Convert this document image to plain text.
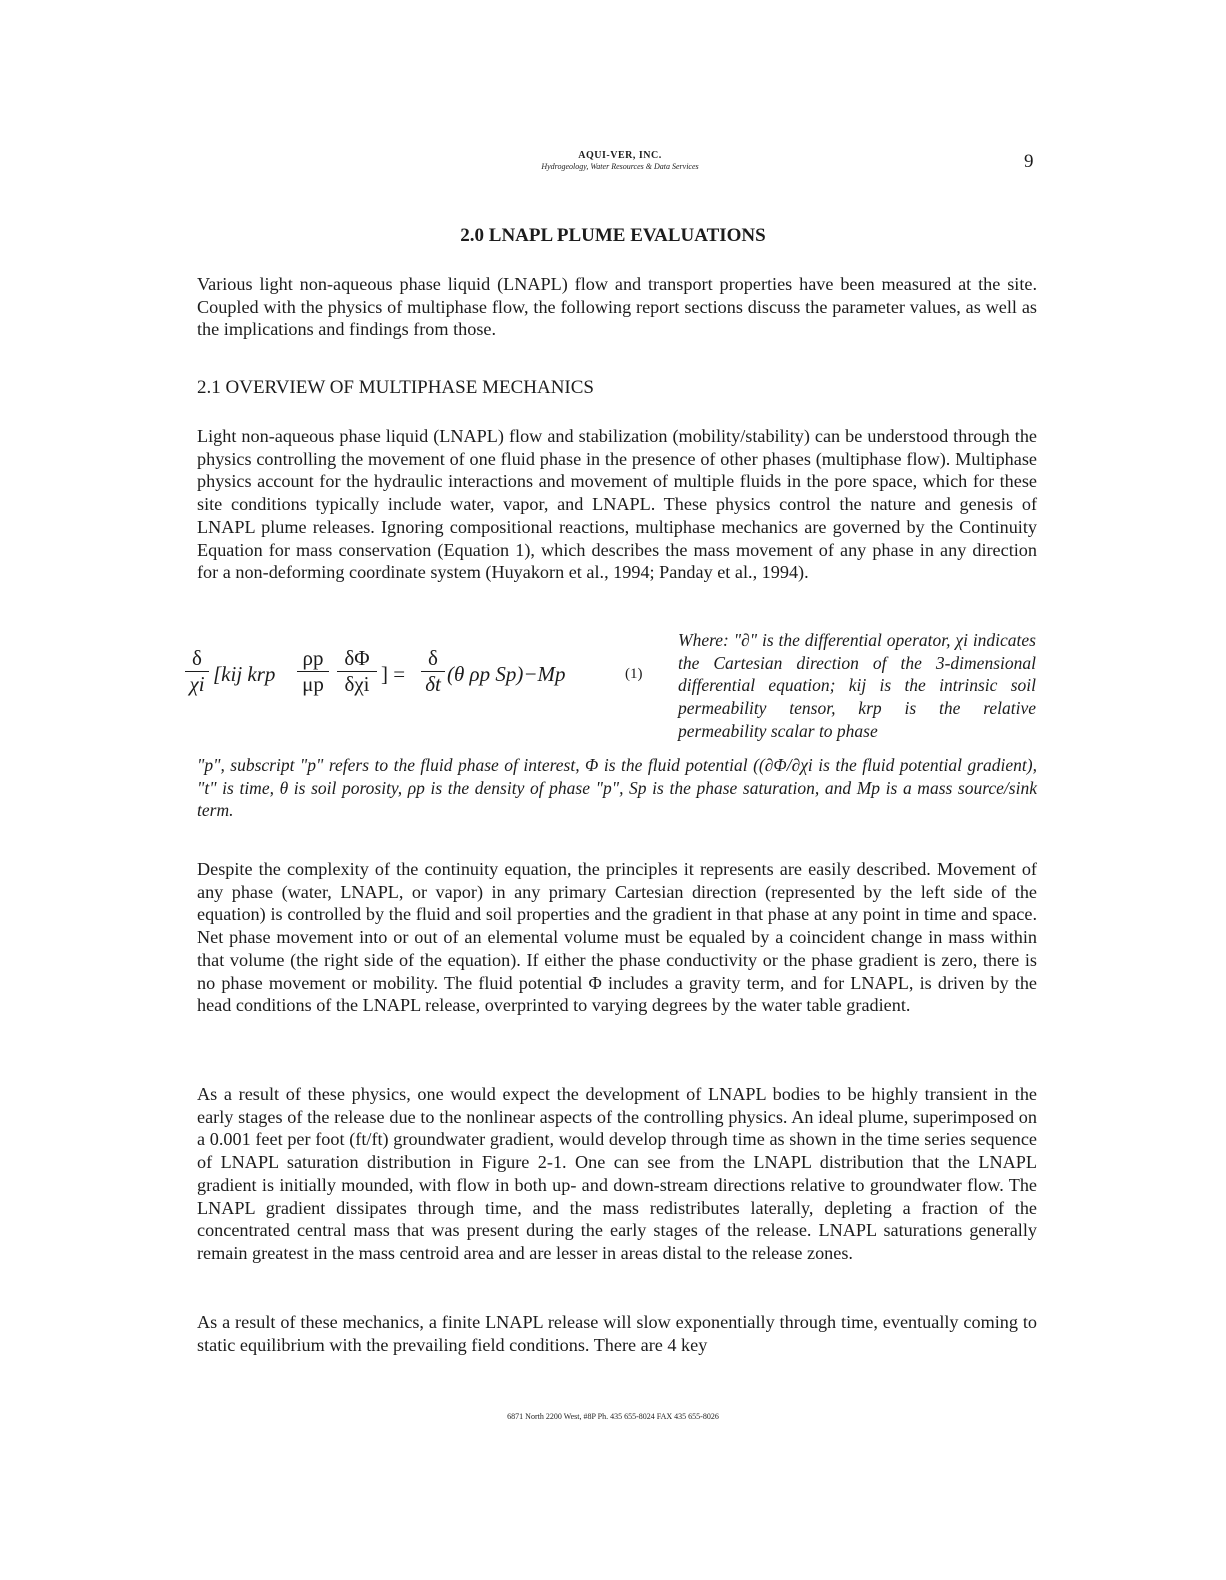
AQUI-VER, INC.
Hydrogeology, Water Resources & Data Services	9
2.0 LNAPL PLUME EVALUATIONS

Various light non-aqueous phase liquid (LNAPL) flow and transport properties have been measured at the site. Coupled with the physics of multiphase flow, the following report sections discuss the parameter values, as well as the implications and findings from those.

2.1 OVERVIEW OF MULTIPHASE MECHANICS

Light non-aqueous phase liquid (LNAPL) flow and stabilization (mobility/stability) can be understood through the physics controlling the movement of one fluid phase in the presence of other phases (multiphase flow). Multiphase physics account for the hydraulic interactions and movement of multiple fluids in the pore space, which for these site conditions typically include water, vapor, and LNAPL. These physics control the nature and genesis of LNAPL plume releases. Ignoring compositional reactions, multiphase mechanics are governed by the Continuity Equation for mass conservation (Equation 1), which describes the mass movement of any phase in any direction for a non-deforming coordinate system (Huyakorn et al., 1994; Panday et al., 1994).

$\frac{\delta}{\chi i} [kij$ krp $\frac{\rho p}{\mu p}$ δΦ
δχi ] = $\frac{\delta}{\delta t} (\theta$ ρp Sp)−Mp	(1)

Where: "∂" is the differential operator, χi indicates the Cartesian direction of the 3-dimensional differential equation; kij is the intrinsic soil permeability tensor, krp is the relative permeability scalar to phase

"p", subscript "p" refers to the fluid phase of interest, Φ is the fluid potential ((∂Φ/∂χi is the fluid potential gradient), "t" is time, θ is soil porosity, ρp is the density of phase "p", Sp is the phase saturation, and Mp is a mass source/sink term.

Despite the complexity of the continuity equation, the principles it represents are easily described. Movement of any phase (water, LNAPL, or vapor) in any primary Cartesian direction (represented by the left side of the equation) is controlled by the fluid and soil properties and the gradient in that phase at any point in time and space. Net phase movement into or out of an elemental volume must be equaled by a coincident change in mass within that volume (the right side of the equation). If either the phase conductivity or the phase gradient is zero, there is no phase movement or mobility. The fluid potential Φ includes a gravity term, and for LNAPL, is driven by the head conditions of the LNAPL release, overprinted to varying degrees by the water table gradient.

As a result of these physics, one would expect the development of LNAPL bodies to be highly transient in the early stages of the release due to the nonlinear aspects of the controlling physics. An ideal plume, superimposed on a 0.001 feet per foot (ft/ft) groundwater gradient, would develop through time as shown in the time series sequence of LNAPL saturation distribution in Figure 2-1. One can see from the LNAPL distribution that the LNAPL gradient is initially mounded, with flow in both up- and down-stream directions relative to groundwater flow. The LNAPL gradient dissipates through time, and the mass redistributes laterally, depleting a fraction of the concentrated central mass that was present during the early stages of the release. LNAPL saturations generally remain greatest in the mass centroid area and are lesser in areas distal to the release zones.

As a result of these mechanics, a finite LNAPL release will slow exponentially through time, eventually coming to static equilibrium with the prevailing field conditions. There are 4 key

6871 North 2200 West, #8P Ph. 435 655-8024 FAX 435 655-8026
